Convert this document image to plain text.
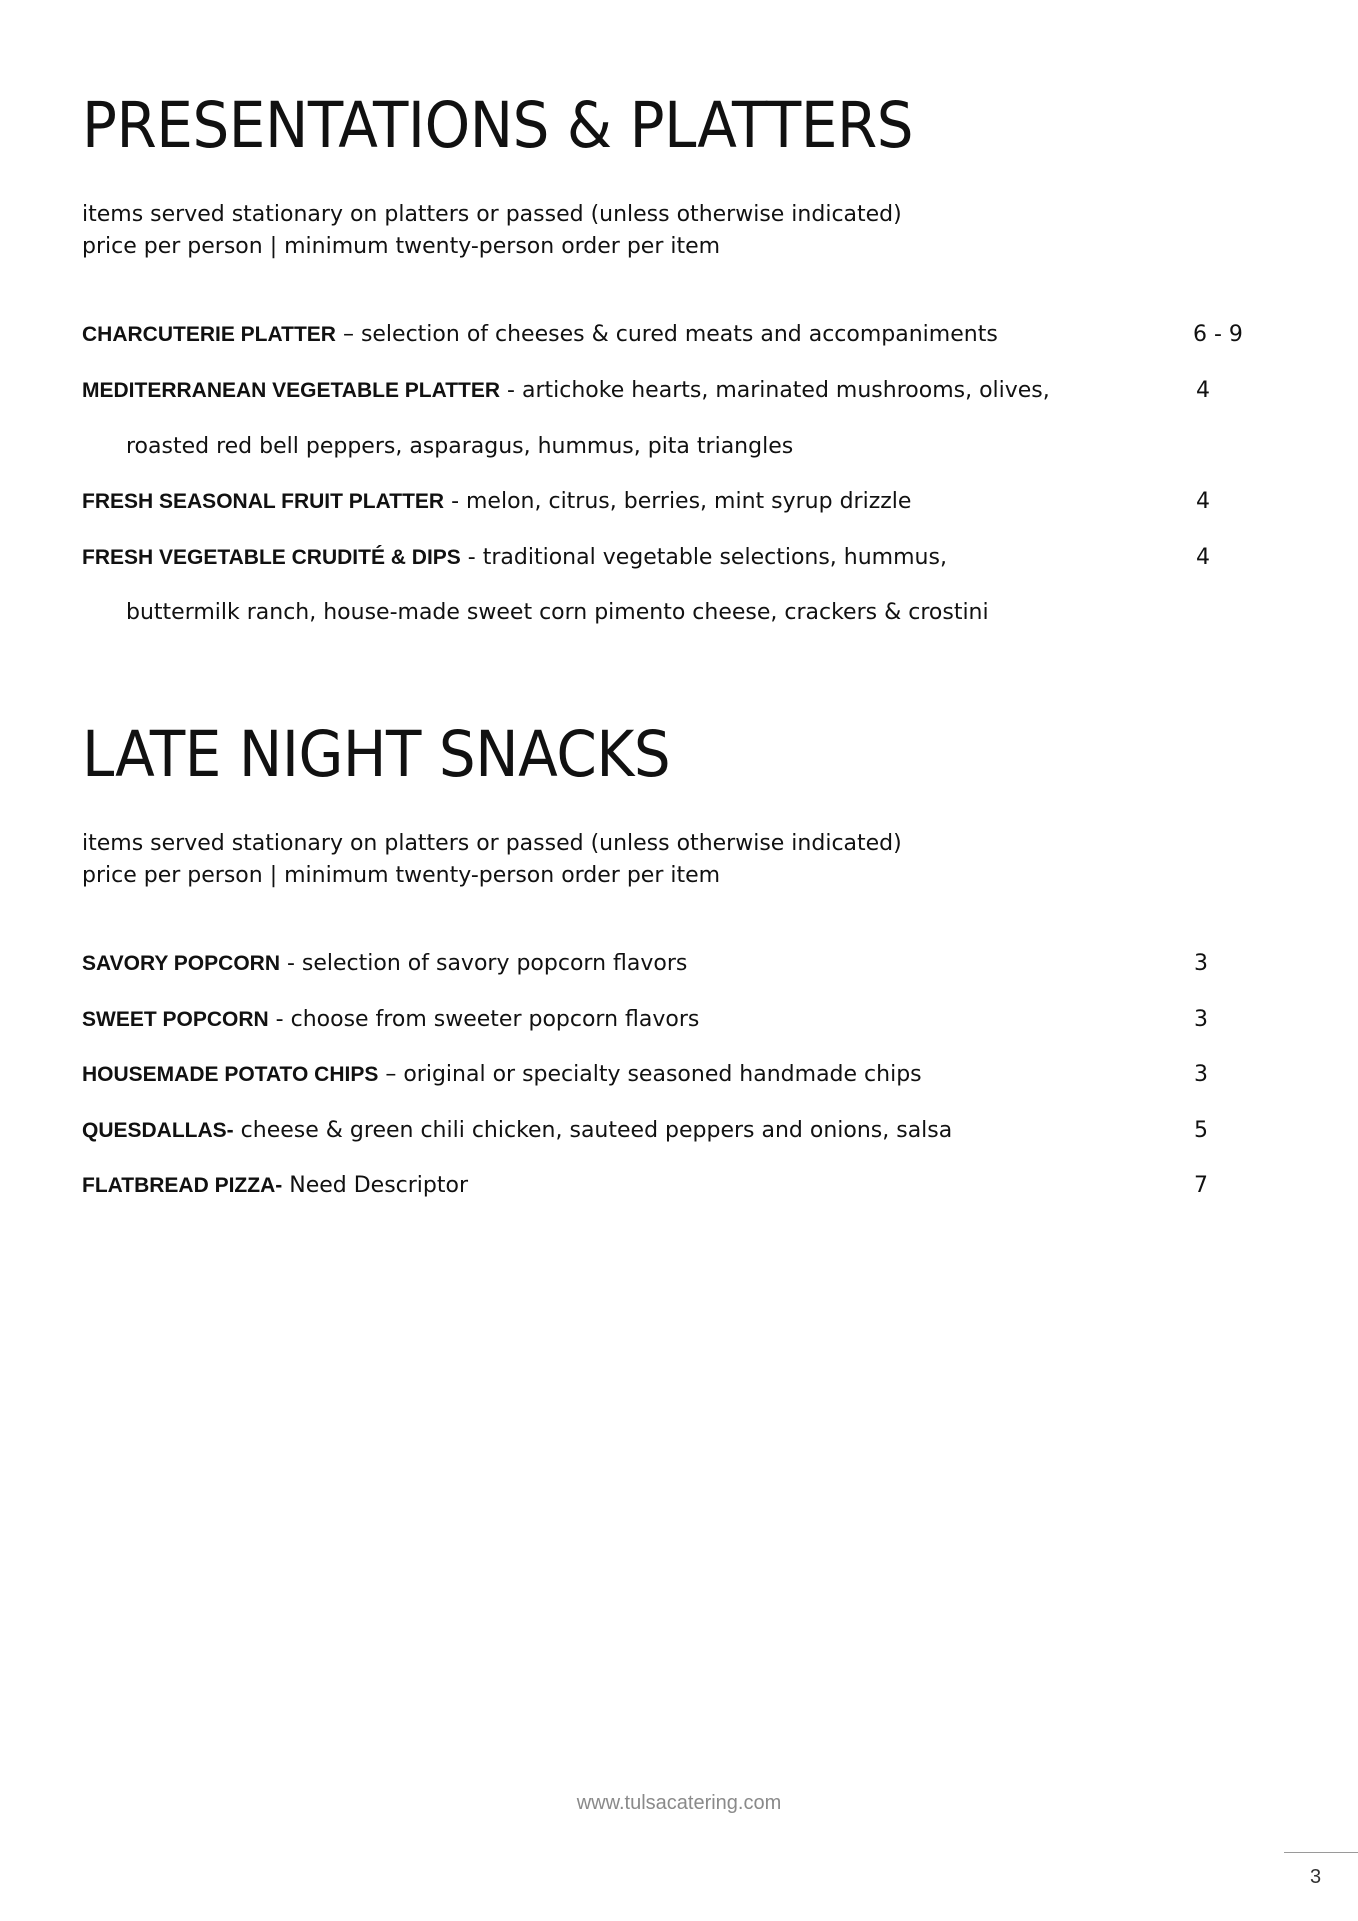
PRESENTATIONS & PLATTERS

items served stationary on platters or passed (unless otherwise indicated)

price per person | minimum twenty-person order per item

CHARCUTERIE PLATTER – selection of cheeses & cured meats and accompaniments	6 - 9
MEDITERRANEAN VEGETABLE PLATTER - artichoke hearts, marinated mushrooms, olives,	4
roasted red bell peppers, asparagus, hummus, pita triangles
FRESH SEASONAL FRUIT PLATTER - melon, citrus, berries, mint syrup drizzle	4
FRESH VEGETABLE CRUDITÉ & DIPS - traditional vegetable selections, hummus,	4
buttermilk ranch, house-made sweet corn pimento cheese, crackers & crostini
LATE NIGHT SNACKS

items served stationary on platters or passed (unless otherwise indicated)

price per person | minimum twenty-person order per item

SAVORY POPCORN - selection of savory popcorn flavors	3
SWEET POPCORN - choose from sweeter popcorn flavors	3
HOUSEMADE POTATO CHIPS – original or specialty seasoned handmade chips	3
QUESDALLAS- cheese & green chili chicken, sauteed peppers and onions, salsa	5
FLATBREAD PIZZA- Need Descriptor	7
www.tulsacatering.com
3
